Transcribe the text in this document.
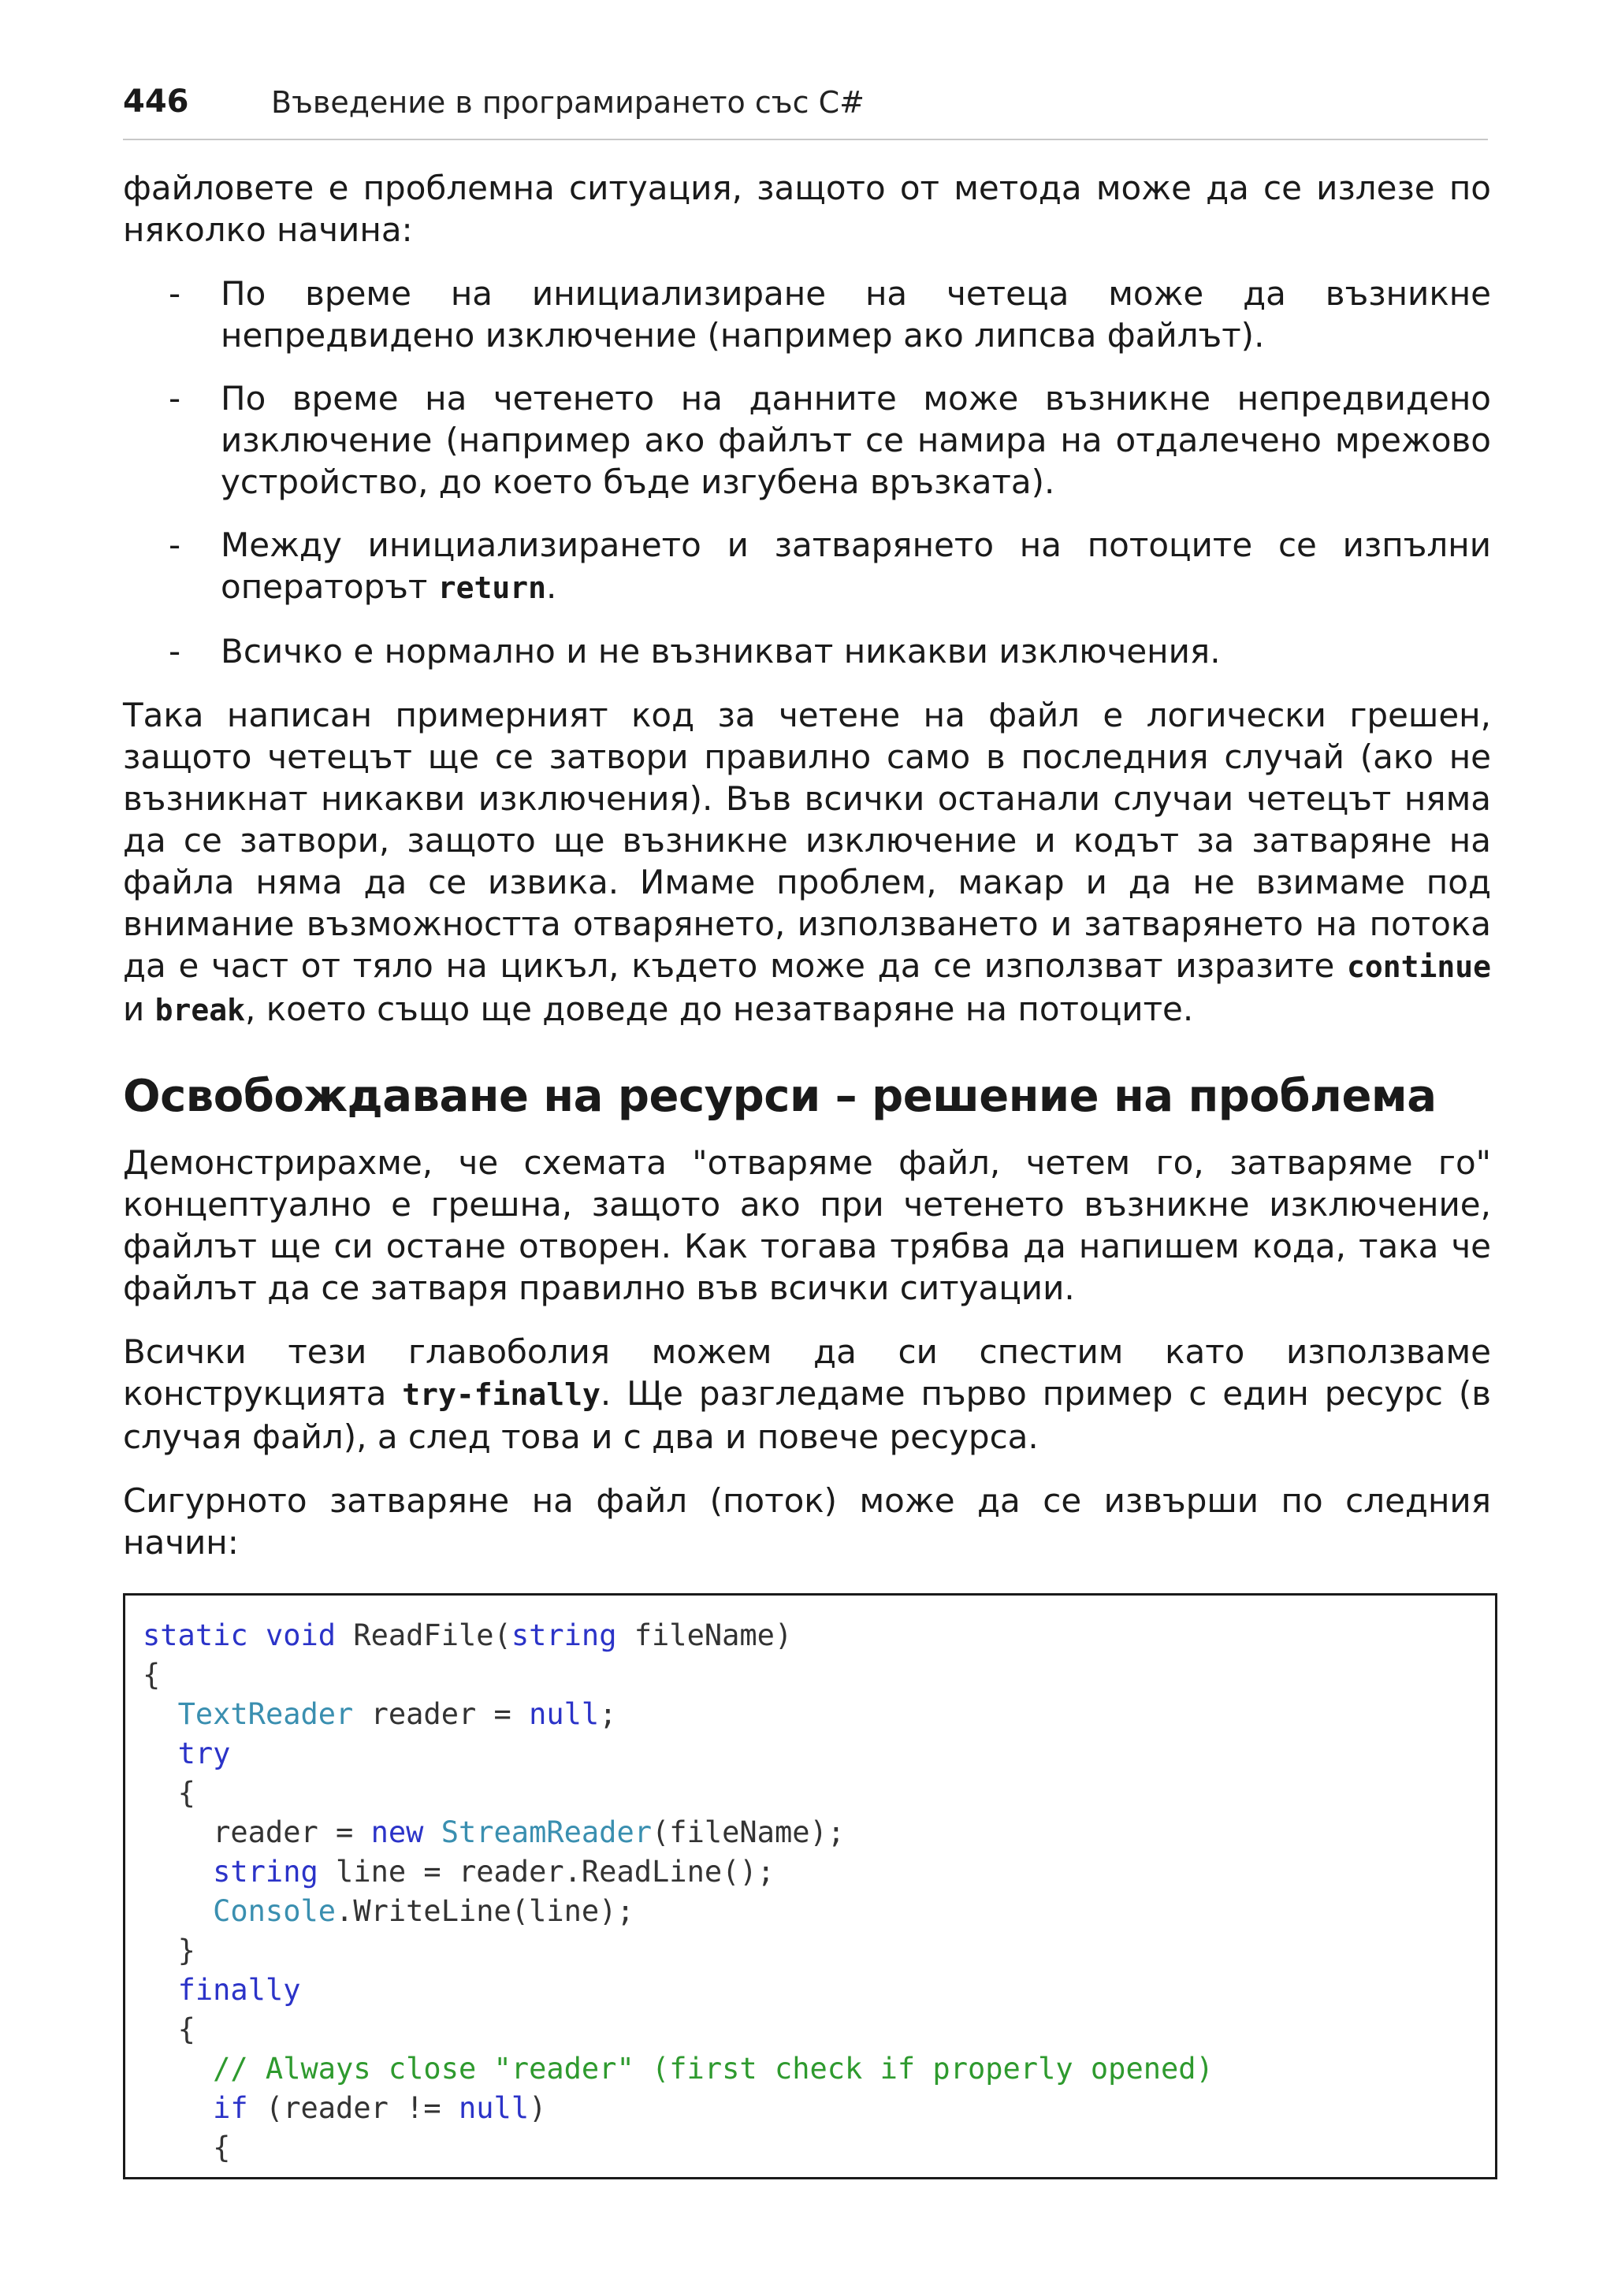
446	Въведение в програмирането със C#

файловете е проблемна ситуация, защото от метода може да се излезе по няколко начина:

- По време на инициализиране на четеца може да възникне непредвидено изключение (например ако липсва файлът).
- По време на четенето на данните може възникне непредвидено изключение (например ако файлът се намира на отдалечено мрежово устройство, до което бъде изгубена връзката).
- Между инициализирането и затварянето на потоците се изпълни операторът return.
- Всичко е нормално и не възникват никакви изключения.

Така написан примерният код за четене на файл е логически грешен, защото четецът ще се затвори правилно само в последния случай (ако не възникнат никакви изключения). Във всички останали случаи четецът няма да се затвори, защото ще възникне изключение и кодът за затваряне на файла няма да се извика. Имаме проблем, макар и да не взимаме под внимание възможността отварянето, използването и затварянето на потока да е част от тяло на цикъл, където може да се използват изразите continue и break, което също ще доведе до незатваряне на потоците.

Освобождаване на ресурси – решение на проблема

Демонстрирахме, че схемата "отваряме файл, четем го, затваряме го" концептуално е грешна, защото ако при четенето възникне изключение, файлът ще си остане отворен. Как тогава трябва да напишем кода, така че файлът да се затваря правилно във всички ситуации.

Всички тези главоболия можем да си спестим като използваме конструкцията try-finally. Ще разгледаме първо пример с един ресурс (в случая файл), а след това и с два и повече ресурса.

Сигурното затваряне на файл (поток) може да се извърши по следния начин:

static void ReadFile(string fileName)
{
TextReader reader = null;
try
{
reader = new StreamReader(fileName);
string line = reader.ReadLine();
Console.WriteLine(line);
}
finally
{
// Always close "reader" (first check if properly opened)
if (reader != null)
{
